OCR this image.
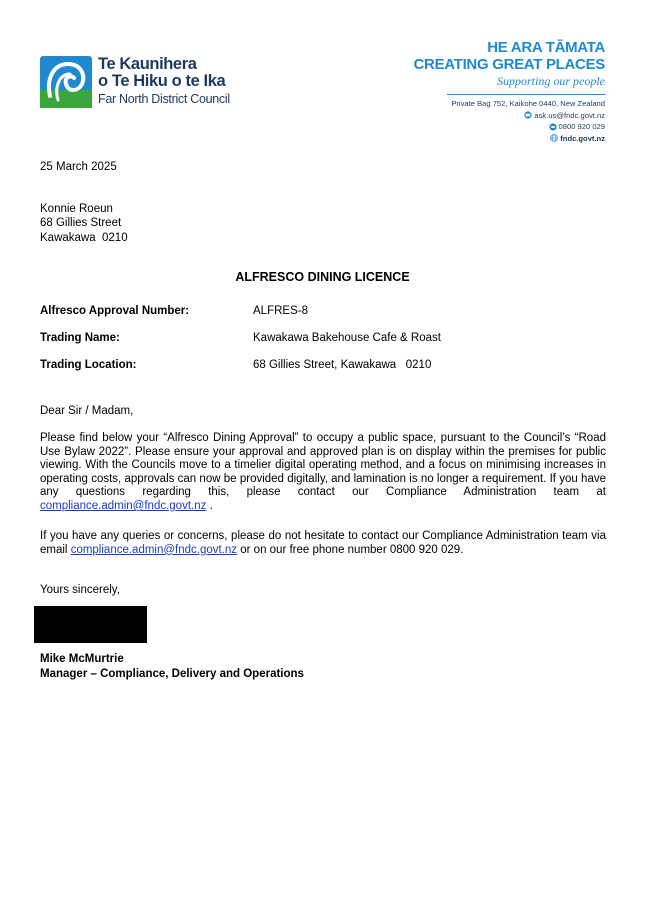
Te Kaunihera
o Te Hiku o te Ika
Far North District Council
HE ARA TĀMATA
CREATING GREAT PLACES
Supporting our people
Private Bag 752, Kaikohe 0440, New Zealand
ask.us@fndc.govt.nz
0800 920 029
fndc.govt.nz
25 March 2025
Konnie Roeun
68 Gillies Street
Kawakawa  0210
ALFRESCO DINING LICENCE
Alfresco Approval Number:	ALFRES-8
Trading Name:	Kawakawa Bakehouse Cafe & Roast
Trading Location:	68 Gillies Street, Kawakawa   0210
Dear Sir / Madam,
Please find below your “Alfresco Dining Approval” to occupy a public space, pursuant to the Council’s “Road Use Bylaw 2022”. Please ensure your approval and approved plan is on display within the premises for public viewing. With the Councils move to a timelier digital operating method, and a focus on minimising increases in operating costs, approvals can now be provided digitally, and lamination is no longer a requirement. If you have any questions regarding this, please contact our Compliance Administration team at compliance.admin@fndc.govt.nz .
If you have any queries or concerns, please do not hesitate to contact our Compliance Administration team via email compliance.admin@fndc.govt.nz or on our free phone number 0800 920 029.
Yours sincerely,
Mike McMurtrie
Manager – Compliance, Delivery and Operations
